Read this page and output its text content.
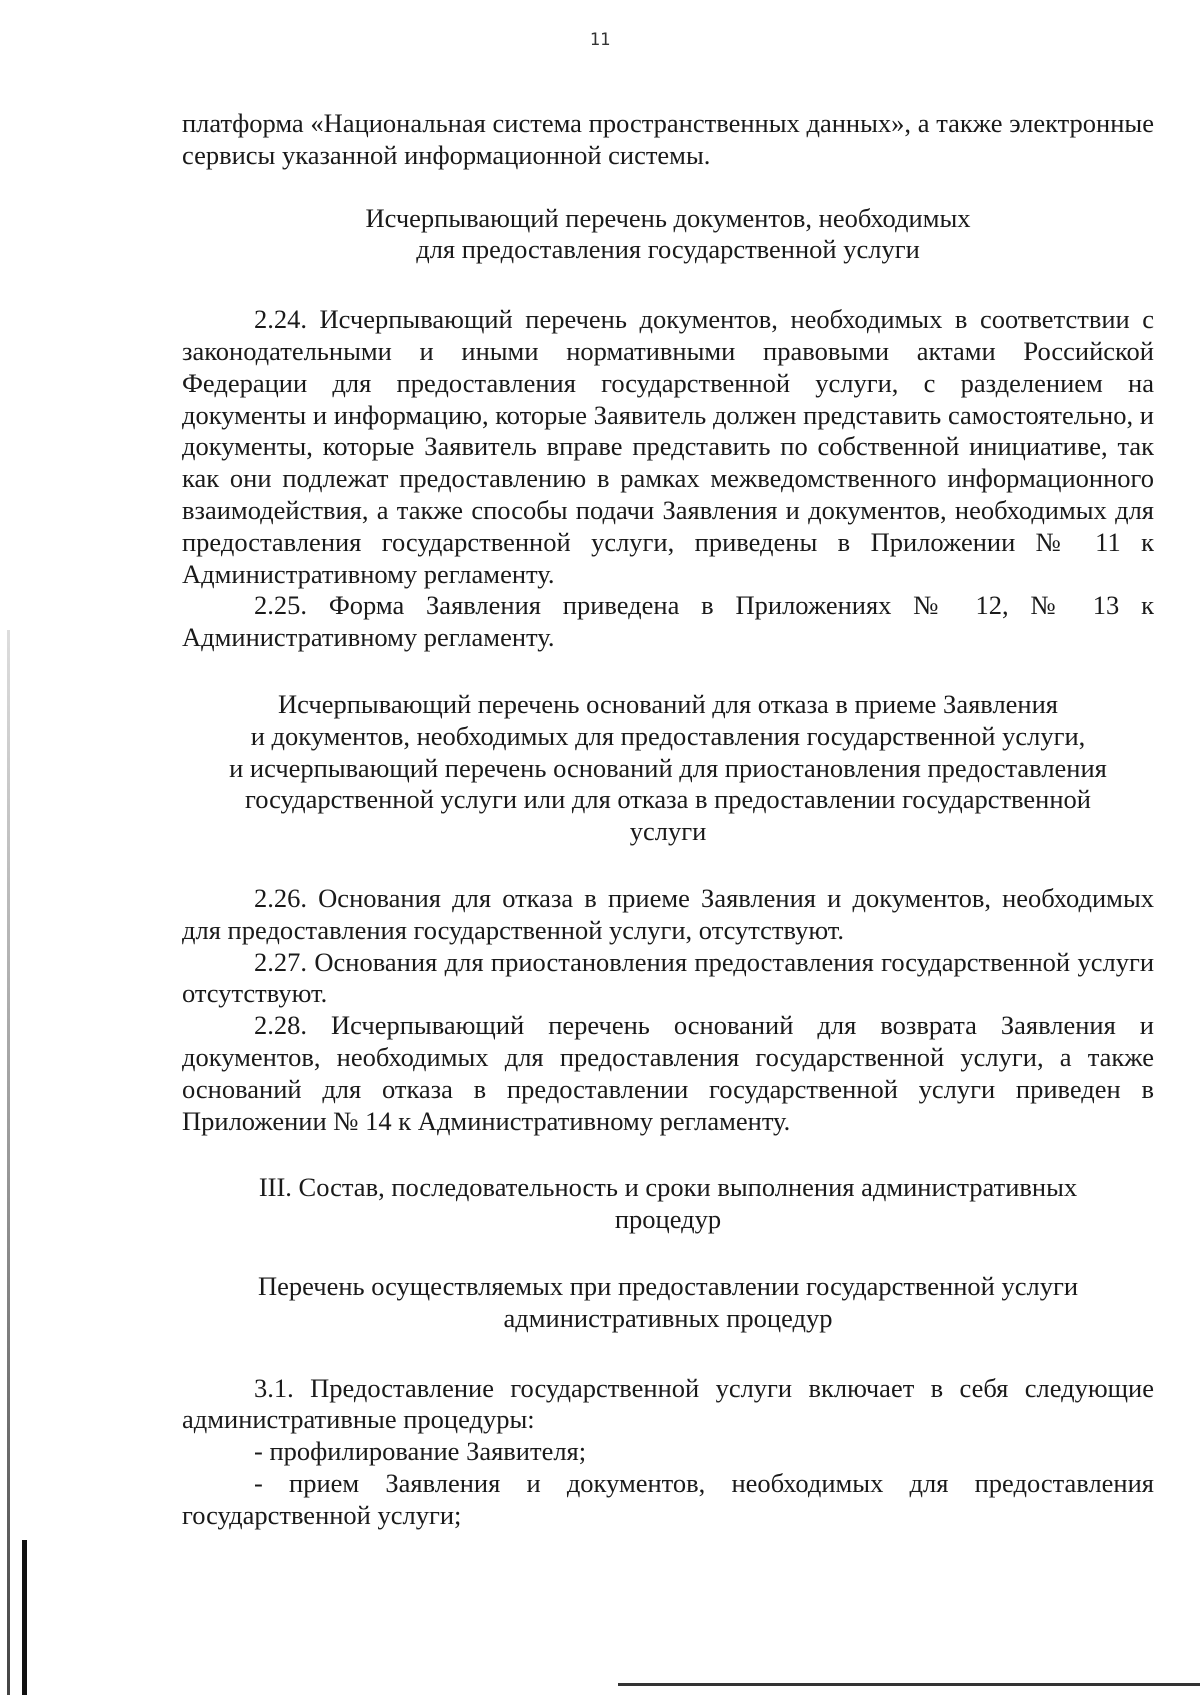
11

платформа «Национальная система пространственных данных», а также электронные сервисы указанной информационной системы.

Исчерпывающий перечень документов, необходимых
для предоставления государственной услуги

2.24. Исчерпывающий перечень документов, необходимых в соответствии с законодательными и иными нормативными правовыми актами Российской Федерации для предоставления государственной услуги, с разделением на документы и информацию, которые Заявитель должен представить самостоятельно, и документы, которые Заявитель вправе представить по собственной инициативе, так как они подлежат предоставлению в рамках межведомственного информационного взаимодействия, а также способы подачи Заявления и документов, необходимых для предоставления государственной услуги, приведены в Приложении № 11 к Административному регламенту.

2.25. Форма Заявления приведена в Приложениях № 12, № 13 к Административному регламенту.

Исчерпывающий перечень оснований для отказа в приеме Заявления
и документов, необходимых для предоставления государственной услуги,
и исчерпывающий перечень оснований для приостановления предоставления
государственной услуги или для отказа в предоставлении государственной
услуги

2.26. Основания для отказа в приеме Заявления и документов, необходимых для предоставления государственной услуги, отсутствуют.

2.27. Основания для приостановления предоставления государственной услуги отсутствуют.

2.28. Исчерпывающий перечень оснований для возврата Заявления и документов, необходимых для предоставления государственной услуги, а также оснований для отказа в предоставлении государственной услуги приведен в Приложении № 14 к Административному регламенту.

III. Состав, последовательность и сроки выполнения административных
процедур
Перечень осуществляемых при предоставлении государственной услуги
административных процедур

3.1. Предоставление государственной услуги включает в себя следующие административные процедуры:

- профилирование Заявителя;

- прием Заявления и документов, необходимых для предоставления государственной услуги;
